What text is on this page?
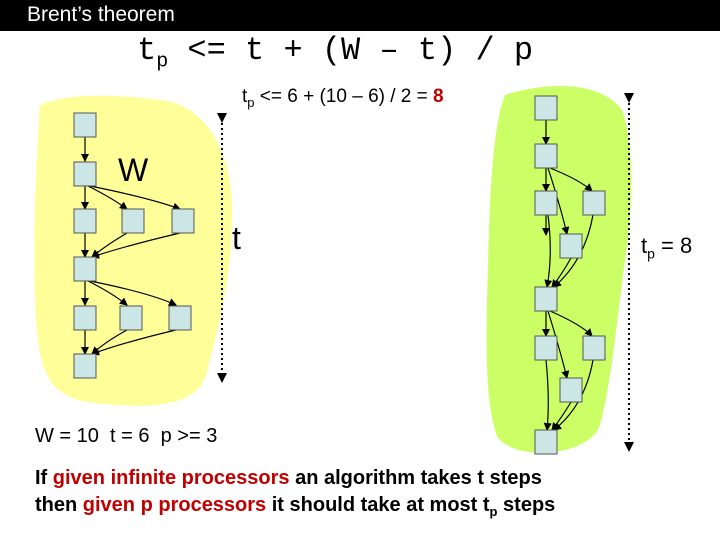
Brent’s theorem
$t_p <= t + (W - t) / p$
$t_p <= 6 + (10 - 6) / 2 = 8$
W
t	$t_p = 8$
W = 10  t = 6  p >= 3
If given infinite processors an algorithm takes t steps
then given p processors it should take at most $t_p$ steps
